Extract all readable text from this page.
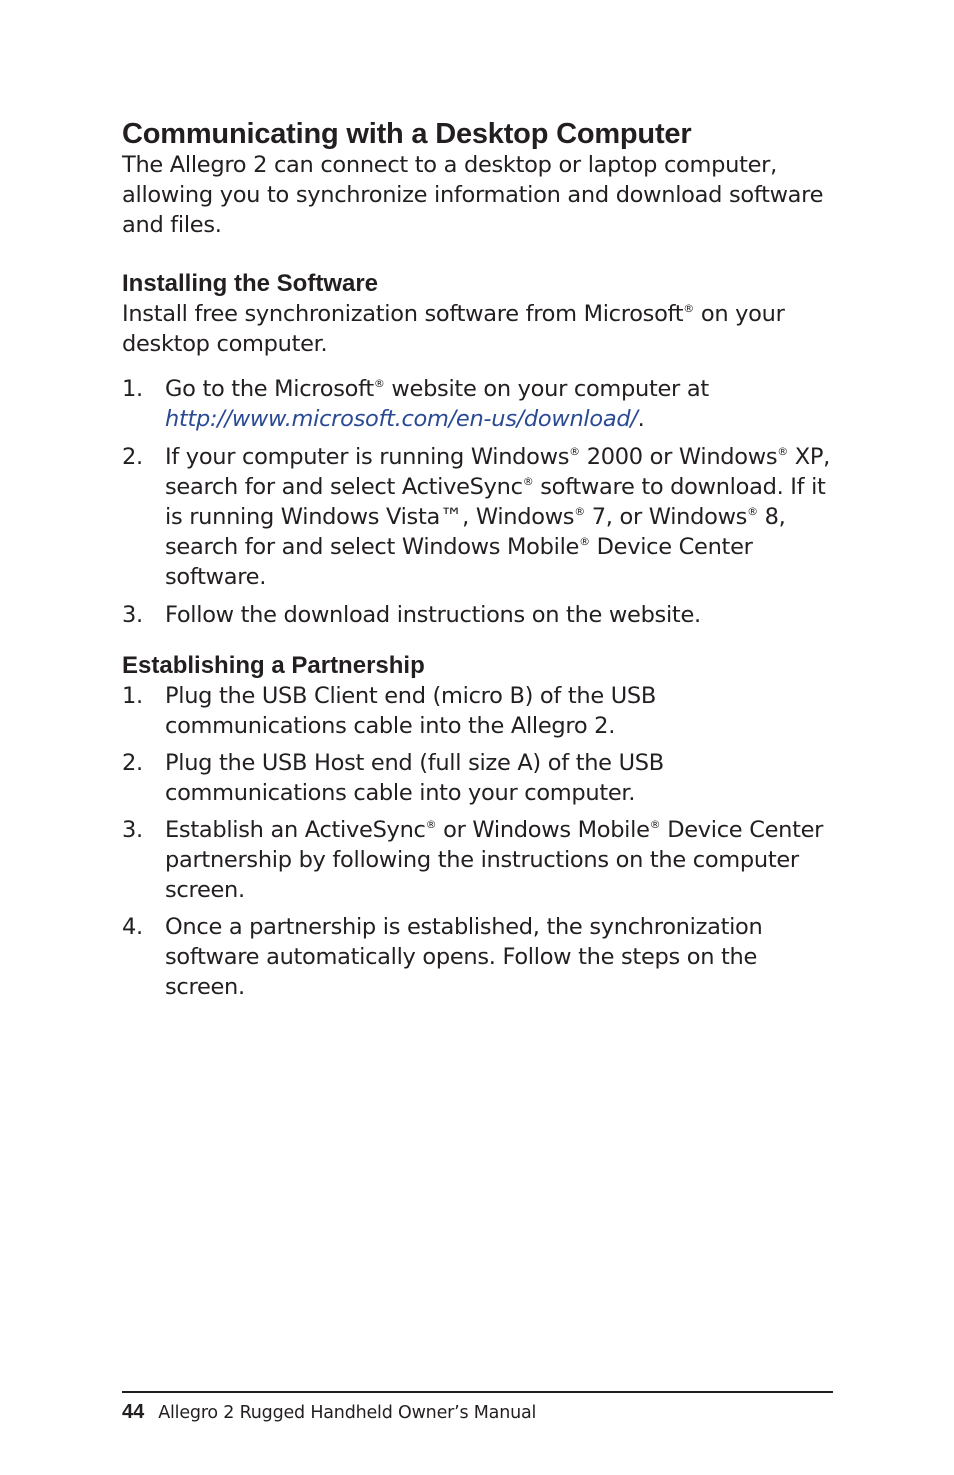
Communicating with a Desktop Computer

The Allegro 2 can connect to a desktop or laptop computer, allowing you to synchronize information and download software and files.

Installing the Software

Install free synchronization software from Microsoft® on your desktop computer.

1. Go to the Microsoft® website on your computer at http://www.microsoft.com/en-us/download/.
2. If your computer is running Windows® 2000 or Windows® XP, search for and select ActiveSync® software to download. If it is running Windows Vista™, Windows® 7, or Windows® 8, search for and select Windows Mobile® Device Center software.
3. Follow the download instructions on the website.
Establishing a Partnership
1. Plug the USB Client end (micro B) of the USB communications cable into the Allegro 2.
2. Plug the USB Host end (full size A) of the USB communications cable into your computer.
3. Establish an ActiveSync® or Windows Mobile® Device Center partnership by following the instructions on the computer screen.
4. Once a partnership is established, the synchronization software automatically opens. Follow the steps on the screen.
44 Allegro 2 Rugged Handheld Owner’s Manual
